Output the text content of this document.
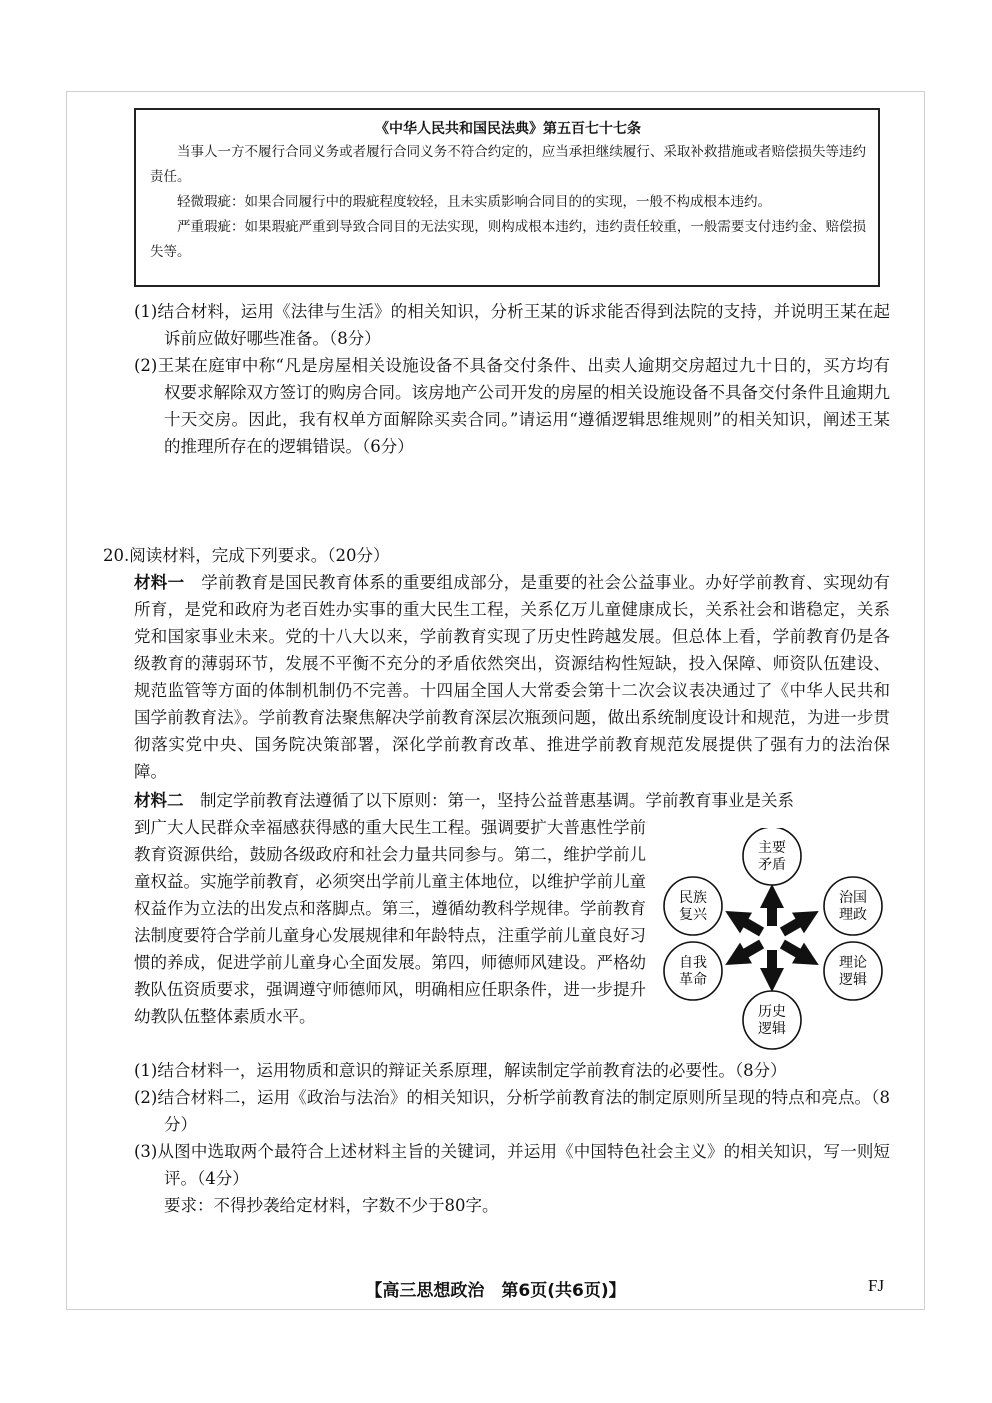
《中华人民共和国民法典》第五百七十七条

当事人一方不履行合同义务或者履行合同义务不符合约定的，应当承担继续履行、采取补救措施或者赔偿损失等违约责任。

轻微瑕疵：如果合同履行中的瑕疵程度较轻，且未实质影响合同目的的实现，一般不构成根本违约。

严重瑕疵：如果瑕疵严重到导致合同目的无法实现，则构成根本违约，违约责任较重，一般需要支付违约金、赔偿损失等。

(1)结合材料，运用《法律与生活》的相关知识，分析王某的诉求能否得到法院的支持，并说明王某在起诉前应做好哪些准备。（8分）

(2)王某在庭审中称“凡是房屋相关设施设备不具备交付条件、出卖人逾期交房超过九十日的，买方均有权要求解除双方签订的购房合同。该房地产公司开发的房屋的相关设施设备不具备交付条件且逾期九十天交房。因此，我有权单方面解除买卖合同。”请运用“遵循逻辑思维规则”的相关知识，阐述王某的推理所存在的逻辑错误。（6分）

20.阅读材料，完成下列要求。（20分）

材料一　学前教育是国民教育体系的重要组成部分，是重要的社会公益事业。办好学前教育、实现幼有所育，是党和政府为老百姓办实事的重大民生工程，关系亿万儿童健康成长，关系社会和谐稳定，关系党和国家事业未来。党的十八大以来，学前教育实现了历史性跨越发展。但总体上看，学前教育仍是各级教育的薄弱环节，发展不平衡不充分的矛盾依然突出，资源结构性短缺，投入保障、师资队伍建设、规范监管等方面的体制机制仍不完善。十四届全国人大常委会第十二次会议表决通过了《中华人民共和国学前教育法》。学前教育法聚焦解决学前教育深层次瓶颈问题，做出系统制度设计和规范，为进一步贯彻落实党中央、国务院决策部署，深化学前教育改革、推进学前教育规范发展提供了强有力的法治保障。

材料二　制定学前教育法遵循了以下原则：第一，坚持公益普惠基调。学前教育事业是关系

到广大人民群众幸福感获得感的重大民生工程。强调要扩大普惠性学前教育资源供给，鼓励各级政府和社会力量共同参与。第二，维护学前儿童权益。实施学前教育，必须突出学前儿童主体地位，以维护学前儿童权益作为立法的出发点和落脚点。第三，遵循幼教科学规律。学前教育法制度要符合学前儿童身心发展规律和年龄特点，注重学前儿童良好习惯的养成，促进学前儿童身心全面发展。第四，师德师风建设。严格幼教队伍资质要求，强调遵守师德师风，明确相应任职条件，进一步提升幼教队伍整体素质水平。

主要
矛盾
治国
理政
理论
逻辑
历史
逻辑
自我
革命
民族
复兴

(1)结合材料一，运用物质和意识的辩证关系原理，解读制定学前教育法的必要性。（8分）

(2)结合材料二，运用《政治与法治》的相关知识，分析学前教育法的制定原则所呈现的特点和亮点。（8分）

(3)从图中选取两个最符合上述材料主旨的关键词，并运用《中国特色社会主义》的相关知识，写一则短评。（4分）

要求：不得抄袭给定材料，字数不少于80字。

【高三思想政治　第6页(共6页)】	FJ
